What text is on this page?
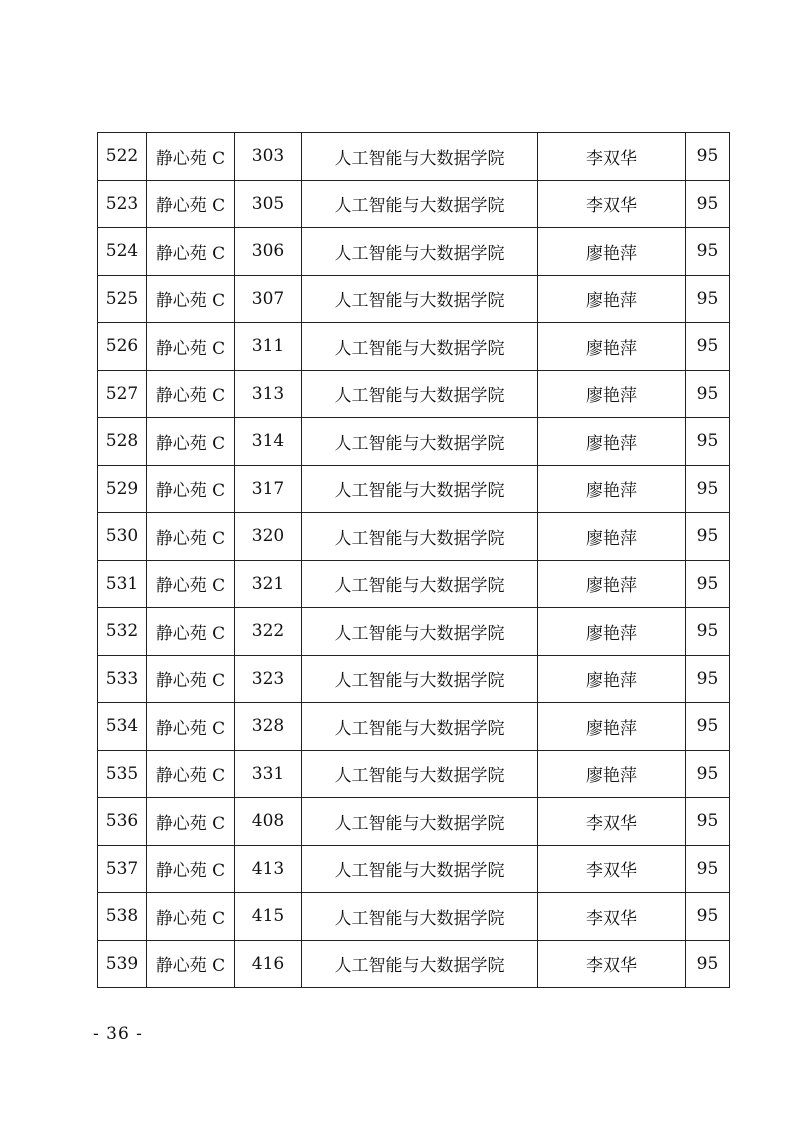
522	静心苑 C	303	人工智能与大数据学院	李双华	95
523	静心苑 C	305	人工智能与大数据学院	李双华	95
524	静心苑 C	306	人工智能与大数据学院	廖艳萍	95
525	静心苑 C	307	人工智能与大数据学院	廖艳萍	95
526	静心苑 C	311	人工智能与大数据学院	廖艳萍	95
527	静心苑 C	313	人工智能与大数据学院	廖艳萍	95
528	静心苑 C	314	人工智能与大数据学院	廖艳萍	95
529	静心苑 C	317	人工智能与大数据学院	廖艳萍	95
530	静心苑 C	320	人工智能与大数据学院	廖艳萍	95
531	静心苑 C	321	人工智能与大数据学院	廖艳萍	95
532	静心苑 C	322	人工智能与大数据学院	廖艳萍	95
533	静心苑 C	323	人工智能与大数据学院	廖艳萍	95
534	静心苑 C	328	人工智能与大数据学院	廖艳萍	95
535	静心苑 C	331	人工智能与大数据学院	廖艳萍	95
536	静心苑 C	408	人工智能与大数据学院	李双华	95
537	静心苑 C	413	人工智能与大数据学院	李双华	95
538	静心苑 C	415	人工智能与大数据学院	李双华	95
539	静心苑 C	416	人工智能与大数据学院	李双华	95
- 36 -
